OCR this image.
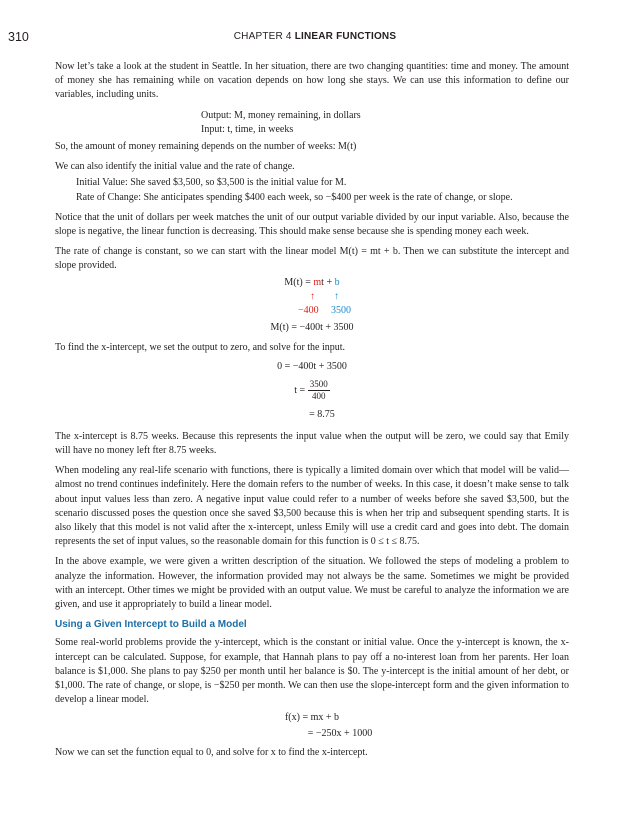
310	CHAPTER 4 LINEAR FUNCTIONS

Now let’s take a look at the student in Seattle. In her situation, there are two changing quantities: time and money. The amount of money she has remaining while on vacation depends on how long she stays. We can use this information to define our variables, including units.

Output: M, money remaining, in dollars
Input: t, time, in weeks

So, the amount of money remaining depends on the number of weeks: M(t)

We can also identify the initial value and the rate of change.

Initial Value: She saved $3,500, so $3,500 is the initial value for M.
Rate of Change: She anticipates spending $400 each week, so −$400 per week is the rate of change, or slope.

Notice that the unit of dollars per week matches the unit of our output variable divided by our input variable. Also, because the slope is negative, the linear function is decreasing. This should make sense because she is spending money each week.

The rate of change is constant, so we can start with the linear model M(t) = mt + b. Then we can substitute the intercept and slope provided.

M(t) = mt + b
↑ ↑
−400 3500
M(t) = −400t + 3500

To find the x-intercept, we set the output to zero, and solve for the input.

0 = −400t + 3500
$t = \frac{3500}{400}$
= 8.75

The x-intercept is 8.75 weeks. Because this represents the input value when the output will be zero, we could say that Emily will have no money left fter 8.75 weeks.

When modeling any real-life scenario with functions, there is typically a limited domain over which that model will be valid—almost no trend continues indefinitely. Here the domain refers to the number of weeks. In this case, it doesn’t make sense to talk about input values less than zero. A negative input value could refer to a number of weeks before she saved $3,500, but the scenario discussed poses the question once she saved $3,500 because this is when her trip and subsequent spending starts. It is also likely that this model is not valid after the x-intercept, unless Emily will use a credit card and goes into debt. The domain represents the set of input values, so the reasonable domain for this function is 0 ≤ t ≤ 8.75.

In the above example, we were given a written description of the situation. We followed the steps of modeling a problem to analyze the information. However, the information provided may not always be the same. Sometimes we might be provided with an intercept. Other times we might be provided with an output value. We must be careful to analyze the information we are given, and use it appropriately to build a linear model.

Using a Given Intercept to Build a Model

Some real-world problems provide the y-intercept, which is the constant or initial value. Once the y-intercept is known, the x-intercept can be calculated. Suppose, for example, that Hannah plans to pay off a no-interest loan from her parents. Her loan balance is $1,000. She plans to pay $250 per month until her balance is $0. The y-intercept is the initial amount of her debt, or $1,000. The rate of change, or slope, is −$250 per month. We can then use the slope-intercept form and the given information to develop a linear model.

f(x) = mx + b
= −250x + 1000

Now we can set the function equal to 0, and solve for x to find the x-intercept.
